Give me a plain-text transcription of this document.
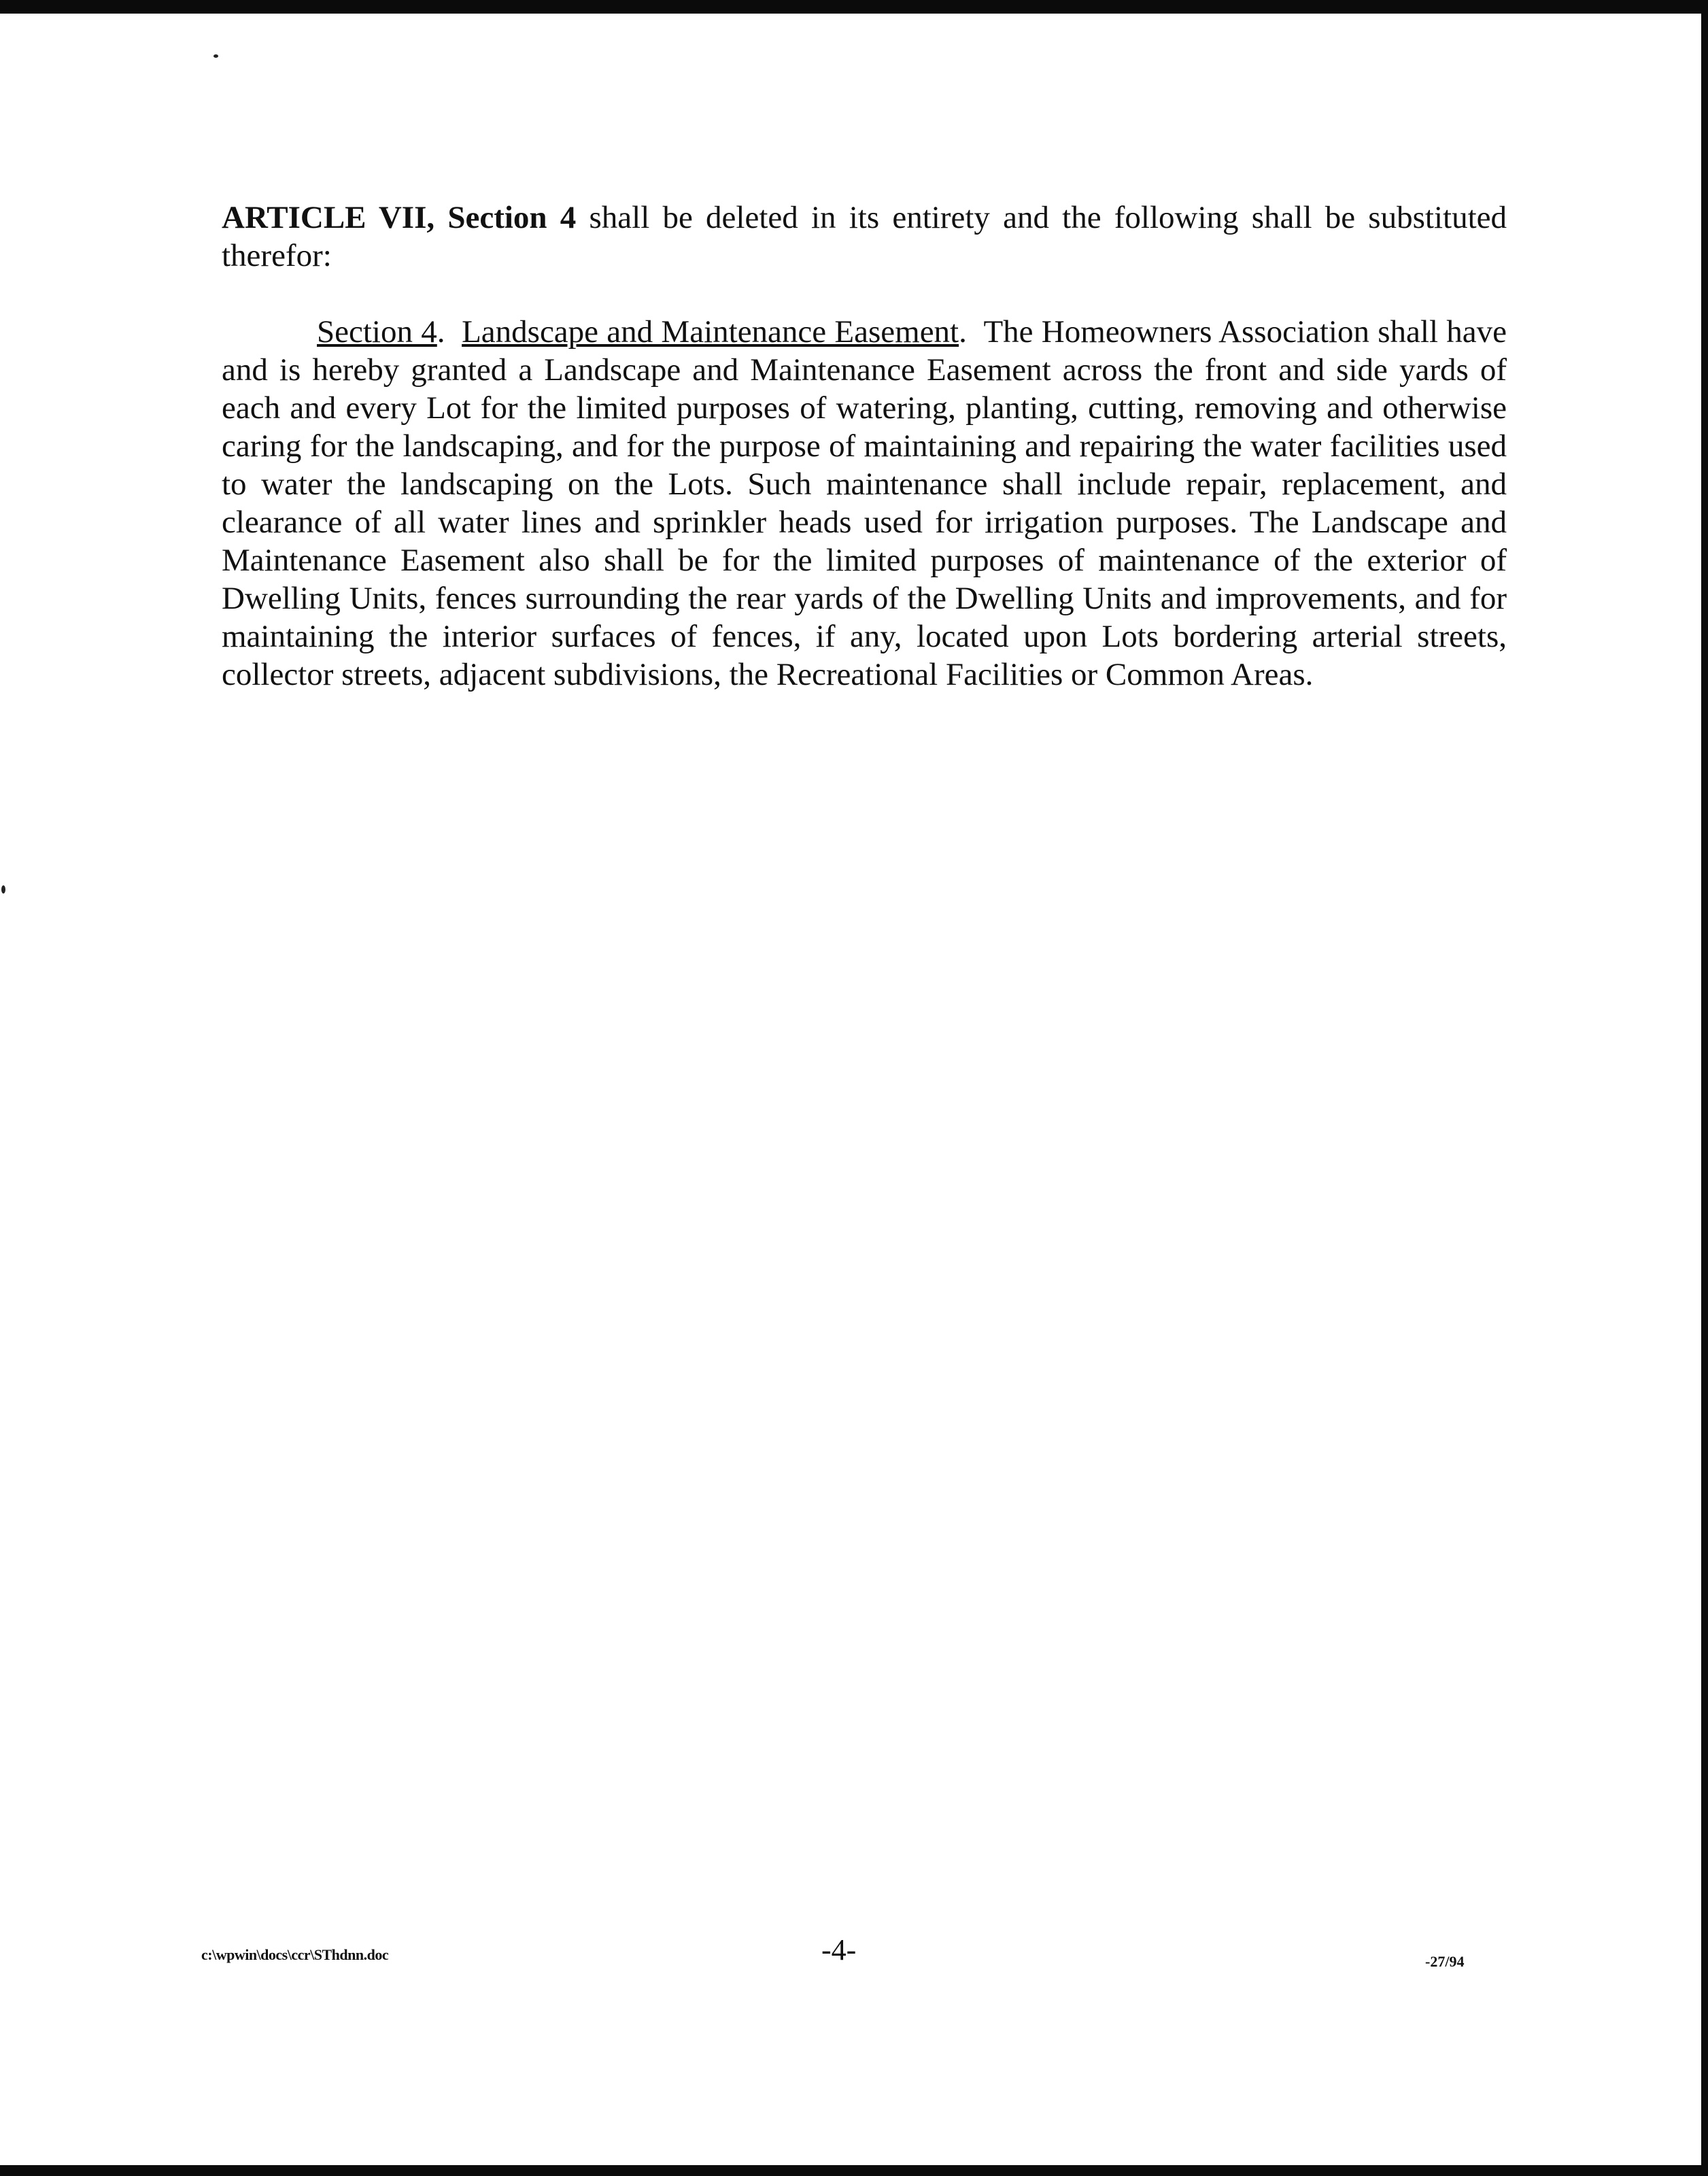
ARTICLE VII, Section 4 shall be deleted in its entirety and the following shall be substituted therefor:

Section 4.  Landscape and Maintenance Easement.  The Homeowners Association shall have and is hereby granted a Landscape and Maintenance Easement across the front and side yards of each and every Lot for the limited purposes of watering, planting, cutting, removing and otherwise caring for the landscaping, and for the purpose of maintaining and repairing the water facilities used to water the landscaping on the Lots. Such maintenance shall include repair, replacement, and clearance of all water lines and sprinkler heads used for irrigation purposes. The Landscape and Maintenance Easement also shall be for the limited purposes of maintenance of the exterior of Dwelling Units, fences surrounding the rear yards of the Dwelling Units and improvements, and for maintaining the interior surfaces of fences, if any, located upon Lots bordering arterial streets, collector streets, adjacent subdivisions, the Recreational Facilities or Common Areas.

c:\wpwin\docs\ccr\SThdnn.doc	-4-	-27/94
